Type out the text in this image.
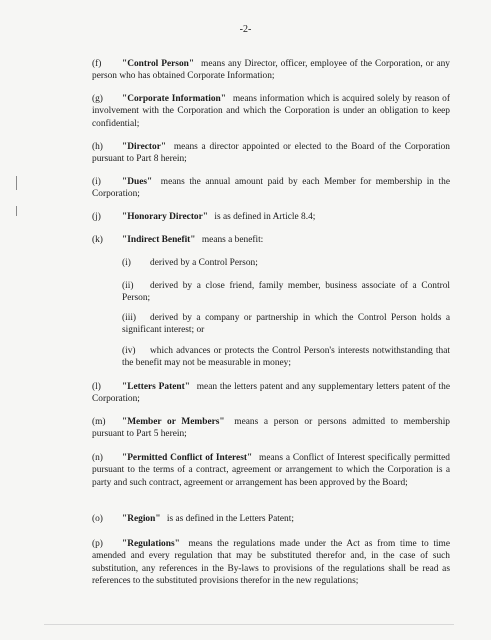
-2-
(f) "Control Person" means any Director, officer, employee of the Corporation, or any person who has obtained Corporate Information;
(g) "Corporate Information" means information which is acquired solely by reason of involvement with the Corporation and which the Corporation is under an obligation to keep confidential;
(h) "Director" means a director appointed or elected to the Board of the Corporation pursuant to Part 8 herein;
(i) "Dues" means the annual amount paid by each Member for membership in the Corporation;
(j) "Honorary Director" is as defined in Article 8.4;
(k) "Indirect Benefit" means a benefit:
(i) derived by a Control Person;
(ii) derived by a close friend, family member, business associate of a Control Person;
(iii) derived by a company or partnership in which the Control Person holds a significant interest; or
(iv) which advances or protects the Control Person's interests notwithstanding that the benefit may not be measurable in money;
(l) "Letters Patent" mean the letters patent and any supplementary letters patent of the Corporation;
(m) "Member or Members" means a person or persons admitted to membership pursuant to Part 5 herein;
(n) "Permitted Conflict of Interest" means a Conflict of Interest specifically permitted pursuant to the terms of a contract, agreement or arrangement to which the Corporation is a party and such contract, agreement or arrangement has been approved by the Board;
(o) "Region" is as defined in the Letters Patent;
(p) "Regulations" means the regulations made under the Act as from time to time amended and every regulation that may be substituted therefor and, in the case of such substitution, any references in the By-laws to provisions of the regulations shall be read as references to the substituted provisions therefor in the new regulations;
